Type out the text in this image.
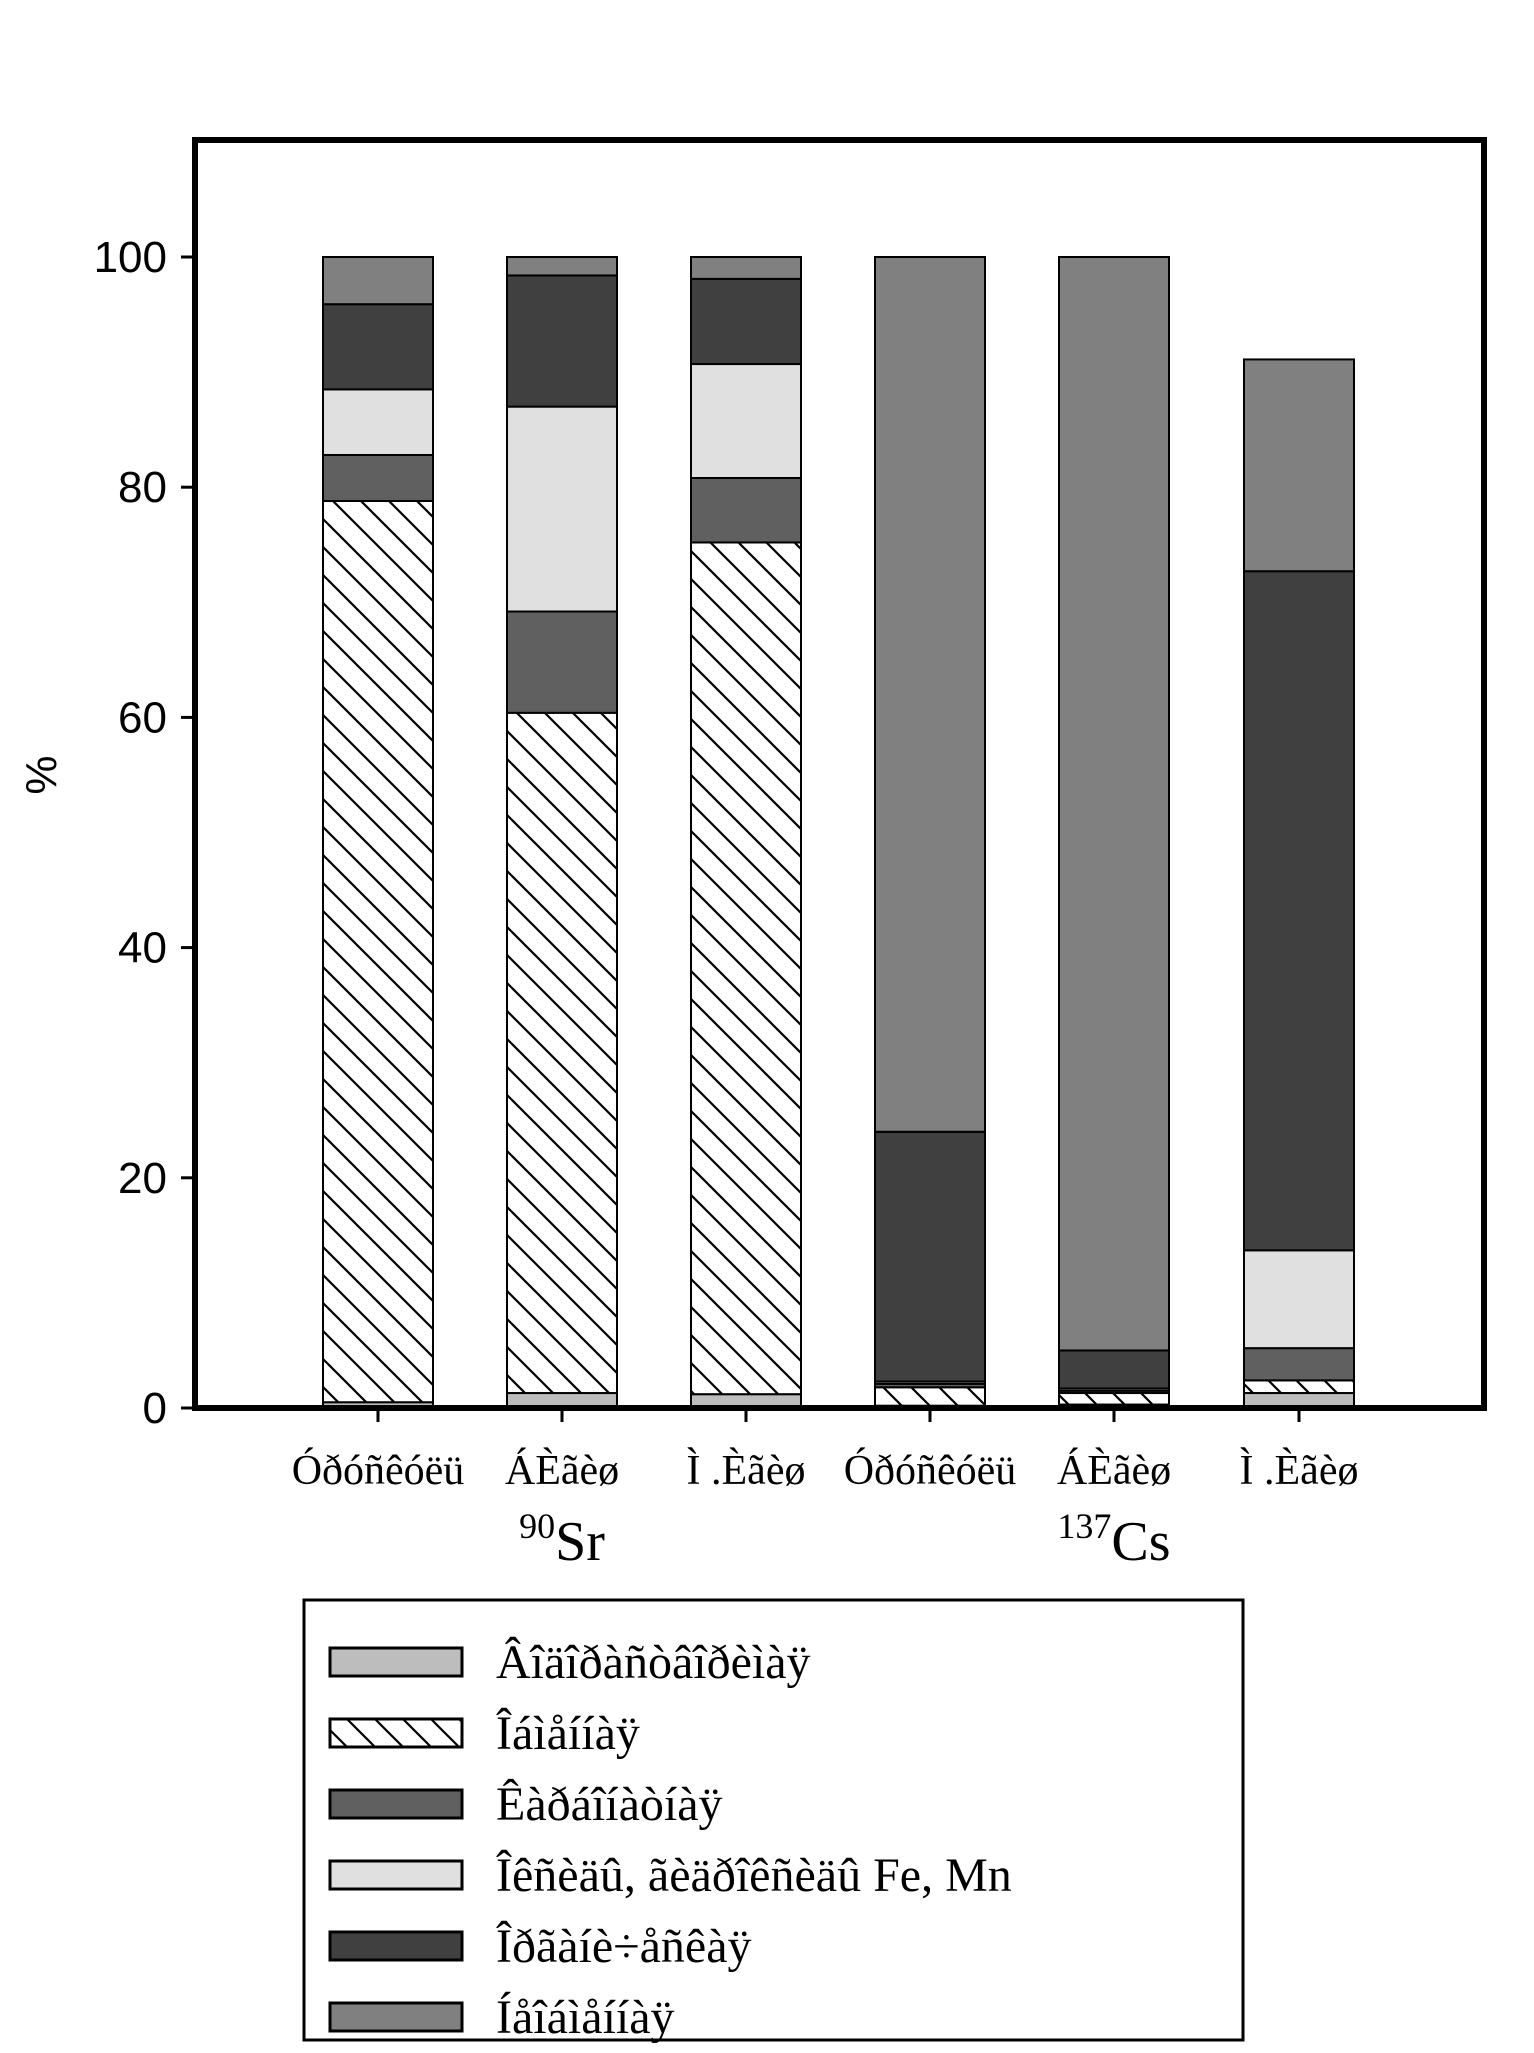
0
20
40
60
80
100
%
Óðóñêóëü ÁÈãèø Ì .Èãèø Óðóñêóëü ÁÈãèø Ì .Èãèø
$^{90}$Sr	$^{137}$Cs
Âîäîðàñòâîðèìàÿ
Îáìåííàÿ
Êàðáîíàòíàÿ
Îêñèäû, ãèäðîêñèäû Fe, Mn
Îðãàíè÷åñêàÿ
Íåîáìåííàÿ
